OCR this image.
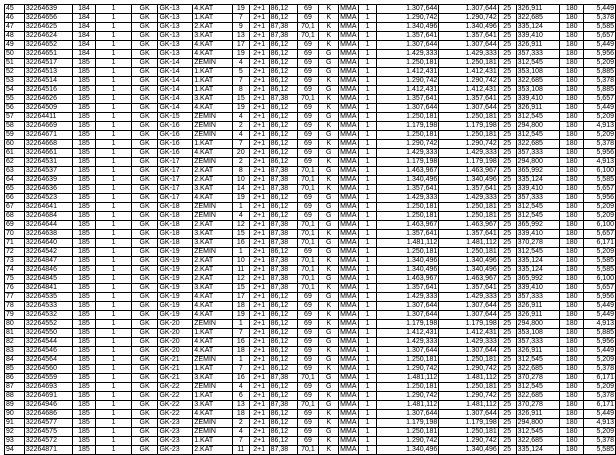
45	32264639	184	1	GK	GK-13	4.KAT	19	2+1	86,12	69	K	MMA	1	1.307,644	1.307,644	25	326,911	180	5,449
46	32264656	184	1	GK	GK-13	1.KAT	7	2+1	86,12	69	K	MMA	1	1.290,742	1.290,742	25	322,685	180	5,378
47	32264625	184	1	GK	GK-13	2.KAT	9	2+1	87,38	70,1	K	MMA	1	1.340,496	1.340,496	25	335,124	180	5,585
48	32264624	184	1	GK	GK-13	3.KAT	13	2+1	87,38	70,1	K	MMA	1	1.357,641	1.357,641	25	339,410	180	5,657
49	32264652	184	1	GK	GK-13	4.KAT	17	2+1	86,12	69	K	MMA	1	1.307,644	1.307,644	25	326,911	180	5,449
50	32264651	184	1	GK	GK-13	4.KAT	19	2+1	86,12	69	G	MMA	1	1.429,333	1.429,333	25	357,333	180	5,956
51	32264517	185	1	GK	GK-14	ZEMIN	4	2+1	86,12	69	G	MMA	1	1.250,181	1.250,181	25	312,545	180	5,209
52	32264513	185	1	GK	GK-14	1.KAT	5	2+1	86,12	69	G	MMA	1	1.412,431	1.412,431	25	353,108	180	5,885
53	32264514	185	1	GK	GK-14	1.KAT	7	2+1	86,12	69	K	MMA	1	1.290,742	1.290,742	25	322,685	180	5,378
54	32264516	185	1	GK	GK-14	1.KAT	8	2+1	86,12	69	G	MMA	1	1.412,431	1.412,431	25	353,108	180	5,885
55	32264626	185	1	GK	GK-14	3.KAT	15	2+1	87,38	70,1	K	MMA	1	1.357,641	1.357,641	25	339,410	180	5,657
56	32264509	185	1	GK	GK-14	4.KAT	19	2+1	86,12	69	K	MMA	1	1.307,644	1.307,644	25	326,911	180	5,449
57	32264411	185	1	GK	GK-15	ZEMIN	4	2+1	86,12	69	G	MMA	1	1.250,181	1.250,181	25	312,545	180	5,209
58	32264669	185	1	GK	GK-16	ZEMIN	2	2+1	86,12	69	K	MMA	1	1.179,198	1.179,198	25	294,800	180	4,913
59	32264671	185	1	GK	GK-16	ZEMIN	4	2+1	86,12	69	G	MMA	1	1.250,181	1.250,181	25	312,545	180	5,209
60	32264668	185	1	GK	GK-16	1.KAT	7	2+1	86,12	69	K	MMA	1	1.290,742	1.290,742	25	322,685	180	5,378
61	32264661	185	1	GK	GK-16	4.KAT	20	2+1	86,12	69	G	MMA	1	1.429,333	1.429,333	25	357,333	180	5,956
62	32264531	185	1	GK	GK-17	ZEMIN	2	2+1	86,12	69	K	MMA	1	1.179,198	1.179,198	25	294,800	180	4,913
63	32264537	185	1	GK	GK-17	2.KAT	8	2+1	87,38	70,1	G	MMA	1	1.463,967	1.463,967	25	365,992	180	6,100
64	32264639	185	1	GK	GK-17	2.KAT	10	2+1	87,38	70,1	K	MMA	1	1.340,496	1.340,496	25	335,124	180	5,585
65	32264636	185	1	GK	GK-17	3.KAT	14	2+1	87,38	70,1	K	MMA	1	1.357,641	1.357,641	25	339,410	180	5,657
66	32264523	185	1	GK	GK-17	4.KAT	19	2+1	86,12	69	G	MMA	1	1.429,333	1.429,333	25	357,333	180	5,956
67	32264641	185	1	GK	GK-18	ZEMIN	1	2+1	86,12	69	G	MMA	1	1.250,181	1.250,181	25	312,545	180	5,209
68	32264684	185	1	GK	GK-18	ZEMIN	4	2+1	86,12	69	G	MMA	1	1.250,181	1.250,181	25	312,545	180	5,209
69	32264644	185	1	GK	GK-18	2.KAT	12	2+1	87,38	70,1	G	MMA	1	1.463,967	1.463,967	25	365,992	180	6,100
70	32264638	185	1	GK	GK-18	3.KAT	15	2+1	87,38	70,1	K	MMA	1	1.357,641	1.357,641	25	339,410	180	5,657
71	32264640	185	1	GK	GK-18	3.KAT	16	2+1	87,38	70,1	G	MMA	1	1.481,112	1.481,112	25	370,278	180	6,171
72	32264542	185	1	GK	GK-19	ZEMIN	1	2+1	86,12	69	G	MMA	1	1.250,181	1.250,181	25	312,545	180	5,209
73	32264847	185	1	GK	GK-19	2.KAT	10	2+1	87,38	70,1	K	MMA	1	1.340,496	1.340,496	25	335,124	180	5,585
74	32264846	185	1	GK	GK-19	2.KAT	11	2+1	87,38	70,1	K	MMA	1	1.340,496	1.340,496	25	335,124	180	5,585
75	32264845	185	1	GK	GK-19	2.KAT	12	2+1	87,38	70,1	G	MMA	1	1.463,967	1.463,967	25	365,992	180	6,100
76	32264841	185	1	GK	GK-19	3.KAT	15	2+1	87,38	70,1	K	MMA	1	1.357,641	1.357,641	25	339,410	180	5,657
77	32264535	185	1	GK	GK-19	4.KAT	17	2+1	86,12	69	G	MMA	1	1.429,333	1.429,333	25	357,333	180	5,956
78	32264533	185	1	GK	GK-19	4.KAT	18	2+1	86,12	69	K	MMA	1	1.307,644	1.307,644	25	326,911	180	5,449
79	32264532	185	1	GK	GK-19	4.KAT	19	2+1	86,12	69	K	MMA	1	1.307,644	1.307,644	25	326,911	180	5,449
80	32264552	185	1	GK	GK-20	ZEMIN	1	2+1	86,12	69	K	MMA	1	1.179,198	1.179,198	25	294,800	180	4,913
81	32264550	185	1	GK	GK-20	1.KAT	7	2+1	86,12	69	G	MMA	1	1.412,431	1.412,431	25	353,108	180	5,885
82	32264544	185	1	GK	GK-20	4.KAT	16	2+1	86,12	69	G	MMA	1	1.429,333	1.429,333	25	357,333	180	5,956
83	32264546	185	1	GK	GK-20	4.KAT	18	2+1	86,12	69	K	MMA	1	1.307,644	1.307,644	25	326,911	180	5,449
84	32264564	185	1	GK	GK-21	ZEMIN	1	2+1	86,12	69	G	MMA	1	1.250,181	1.250,181	25	312,545	180	5,209
85	32264560	185	1	GK	GK-21	1.KAT	7	2+1	86,12	69	K	MMA	1	1.290,742	1.290,742	25	322,685	180	5,378
86	32264559	185	1	GK	GK-21	3.KAT	16	2+1	87,38	70,1	G	MMA	1	1.481,112	1.481,112	25	370,278	180	6,171
87	32264693	185	1	GK	GK-22	ZEMIN	4	2+1	86,12	69	G	MMA	1	1.250,181	1.250,181	25	312,545	180	5,209
88	32264691	185	1	GK	GK-22	1.KAT	6	2+1	86,12	69	K	MMA	1	1.290,742	1.290,742	25	322,685	180	5,378
89	32264946	185	1	GK	GK-22	3.KAT	13	2+1	87,38	70,1	G	MMA	1	1.481,112	1.481,112	25	370,278	180	6,171
90	32264686	185	1	GK	GK-22	4.KAT	18	2+1	86,12	69	K	MMA	1	1.307,644	1.307,644	25	326,911	180	5,449
91	32264577	185	1	GK	GK-23	ZEMIN	2	2+1	86,12	69	K	MMA	1	1.179,198	1.179,198	25	294,800	180	4,913
92	32264575	185	1	GK	GK-23	ZEMIN	4	2+1	86,12	69	G	MMA	1	1.250,181	1.250,181	25	312,545	180	5,209
93	32264572	185	1	GK	GK-23	1.KAT	7	2+1	86,12	69	K	MMA	1	1.290,742	1.290,742	25	322,685	180	5,378
94	32264871	185	1	GK	GK-23	2.KAT	11	2+1	87,38	70,1	K	MMA	1	1.340,496	1.340,496	25	335,124	180	5,585
